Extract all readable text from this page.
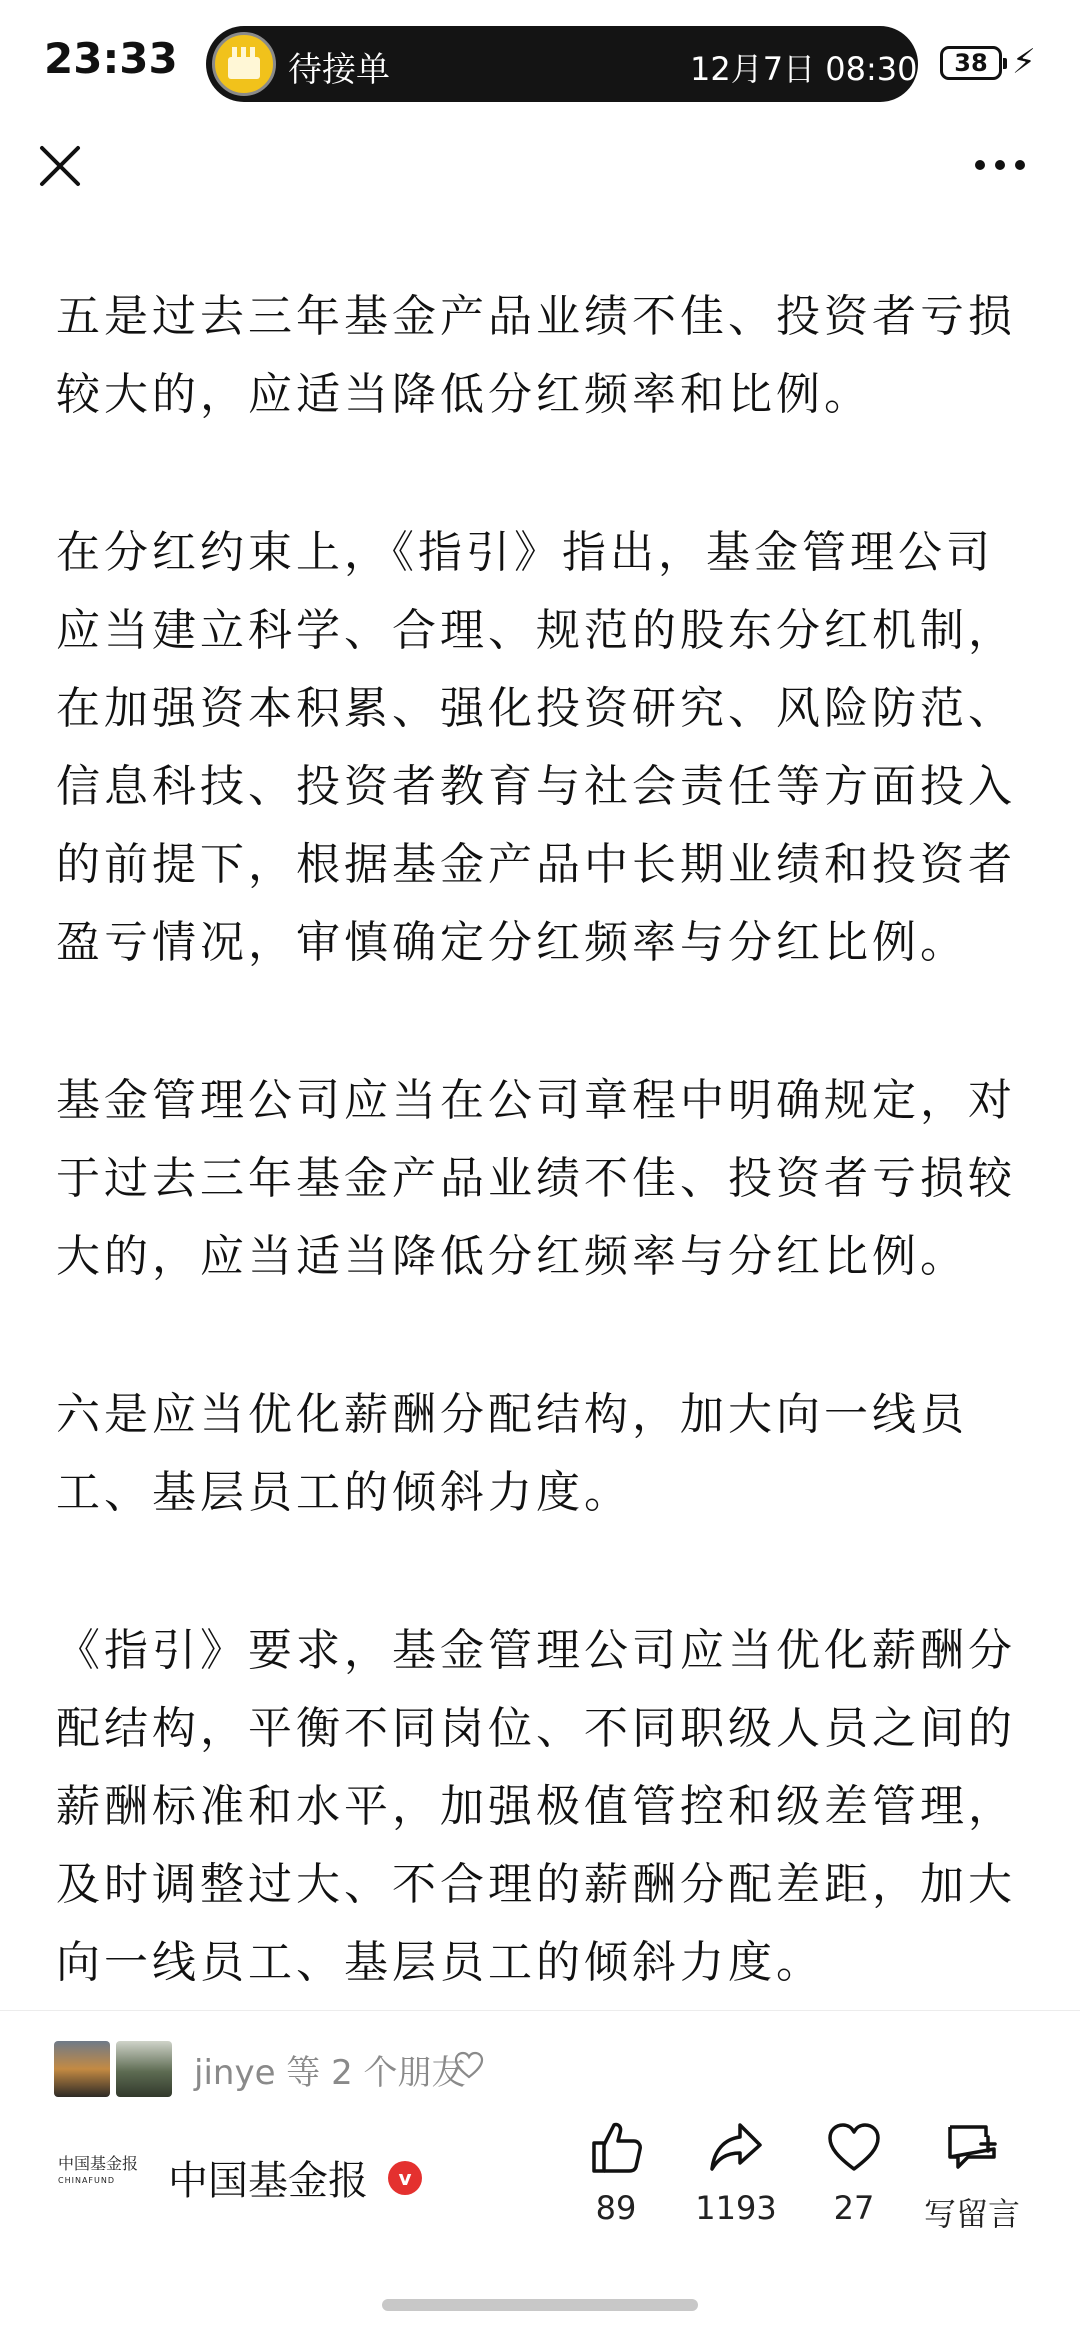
23:33	待接单	12月7日 08:30	38 ⚡

五是过去三年基金产品业绩不佳、投资者亏损较大的，应适当降低分红频率和比例。

在分红约束上，《指引》指出，基金管理公司应当建立科学、合理、规范的股东分红机制，在加强资本积累、强化投资研究、风险防范、信息科技、投资者教育与社会责任等方面投入的前提下，根据基金产品中长期业绩和投资者盈亏情况，审慎确定分红频率与分红比例。

基金管理公司应当在公司章程中明确规定，对于过去三年基金产品业绩不佳、投资者亏损较大的，应当适当降低分红频率与分红比例。

六是应当优化薪酬分配结构，加大向一线员工、基层员工的倾斜力度。

《指引》要求，基金管理公司应当优化薪酬分配结构，平衡不同岗位、不同职级人员之间的薪酬标准和水平，加强极值管控和级差管理，及时调整过大、不合理的薪酬分配差距，加大向一线员工、基层员工的倾斜力度。

jinye 等 2 个朋友
中国基金报
CHINAFUND	中国基金报	v
89	1193	27	写留言
